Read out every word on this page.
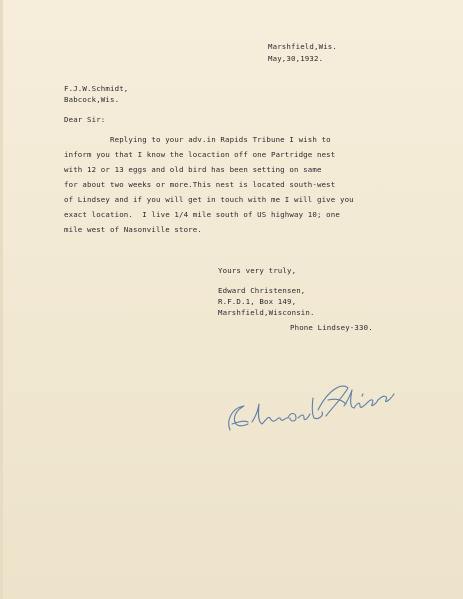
Marshfield,Wis.
May,30,1932.
F.J.W.Schmidt,
Babcock,Wis.
Dear Sir:
Replying to your adv.in Rapids Tribune I wish to
inform you that I know the locaction off one Partridge nest
with 12 or 13 eggs and old bird has been setting on same
for about two weeks or more.This nest is located south-west
of Lindsey and if you will get in touch with me I will give you
exact location.  I live 1/4 mile south of US highway 10; one
mile west of Nasonville store.
Yours very truly,
Edward Christensen,
R.F.D.1, Box 149,
Marshfield,Wisconsin.
Phone Lindsey-330.
